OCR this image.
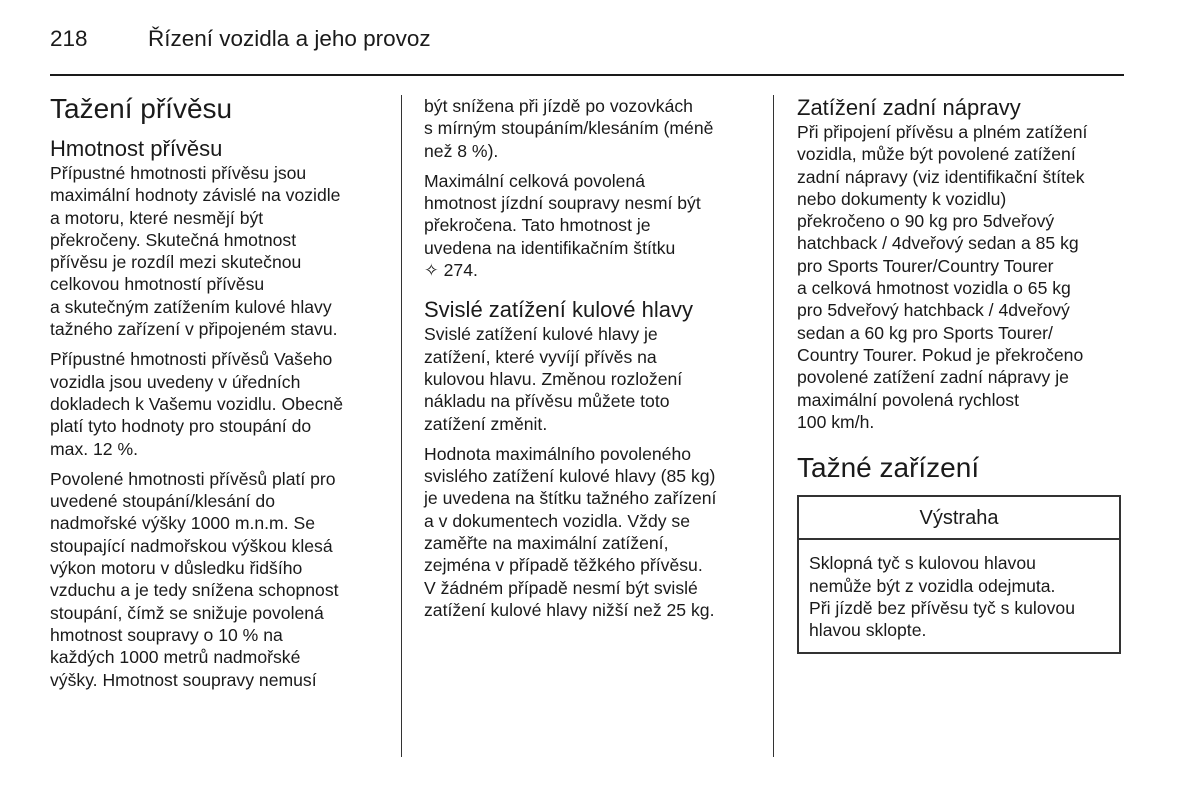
218	Řízení vozidla a jeho provoz
Tažení přívěsu
Hmotnost přívěsu

Přípustné hmotnosti přívěsu jsou
maximální hodnoty závislé na vozidle
a motoru, které nesmějí být
překročeny. Skutečná hmotnost
přívěsu je rozdíl mezi skutečnou
celkovou hmotností přívěsu
a skutečným zatížením kulové hlavy
tažného zařízení v připojeném stavu.

Přípustné hmotnosti přívěsů Vašeho
vozidla jsou uvedeny v úředních
dokladech k Vašemu vozidlu. Obecně
platí tyto hodnoty pro stoupání do
max. 12 %.

Povolené hmotnosti přívěsů platí pro
uvedené stoupání/klesání do
nadmořské výšky 1000 m.n.m. Se
stoupající nadmořskou výškou klesá
výkon motoru v důsledku řidšího
vzduchu a je tedy snížena schopnost
stoupání, čímž se snižuje povolená
hmotnost soupravy o 10 % na
každých 1000 metrů nadmořské
výšky. Hmotnost soupravy nemusí

být snížena při jízdě po vozovkách
s mírným stoupáním/klesáním (méně
než 8 %).

Maximální celková povolená
hmotnost jízdní soupravy nesmí být
překročena. Tato hmotnost je
uvedena na identifikačním štítku
✧ 274.

Svislé zatížení kulové hlavy

Svislé zatížení kulové hlavy je
zatížení, které vyvíjí přívěs na
kulovou hlavu. Změnou rozložení
nákladu na přívěsu můžete toto
zatížení změnit.

Hodnota maximálního povoleného
svislého zatížení kulové hlavy (85 kg)
je uvedena na štítku tažného zařízení
a v dokumentech vozidla. Vždy se
zaměřte na maximální zatížení,
zejména v případě těžkého přívěsu.
V žádném případě nesmí být svislé
zatížení kulové hlavy nižší než 25 kg.

Zatížení zadní nápravy

Při připojení přívěsu a plném zatížení
vozidla, může být povolené zatížení
zadní nápravy (viz identifikační štítek
nebo dokumenty k vozidlu)
překročeno o 90 kg pro 5dveřový
hatchback / 4dveřový sedan a 85 kg
pro Sports Tourer/Country Tourer
a celková hmotnost vozidla o 65 kg
pro 5dveřový hatchback / 4dveřový
sedan a 60 kg pro Sports Tourer/
Country Tourer. Pokud je překročeno
povolené zatížení zadní nápravy je
maximální povolená rychlost
100 km/h.

Tažné zařízení
Výstraha
Sklopná tyč s kulovou hlavou
nemůže být z vozidla odejmuta.
Při jízdě bez přívěsu tyč s kulovou
hlavou sklopte.
